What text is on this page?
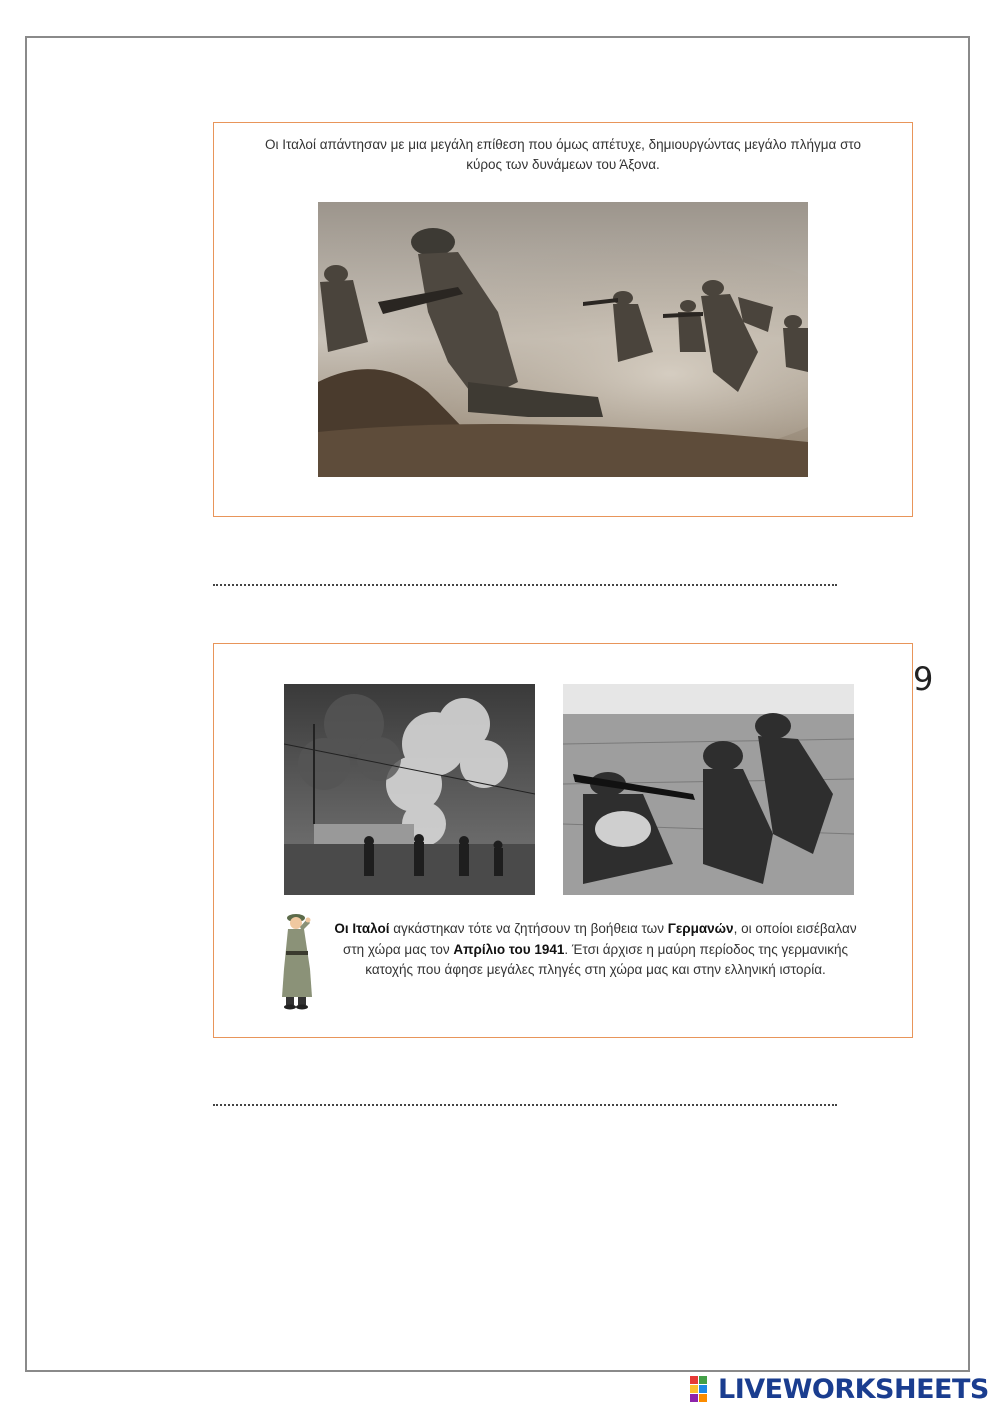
Οι Ιταλοί απάντησαν με μια μεγάλη επίθεση που όμως απέτυχε, δημιουργώντας μεγάλο πλήγμα στο κύρος των δυνάμεων του Άξονα.
Οι Ιταλοί αγκάστηκαν τότε να ζητήσουν τη βοήθεια των Γερμανών, οι οποίοι εισέβαλαν στη χώρα μας τον Απρίλιο του 1941. Έτσι άρχισε η μαύρη περίοδος της γερμανικής κατοχής που άφησε μεγάλες πληγές στη χώρα μας και στην ελληνική ιστορία.
9
LIVEWORKSHEETS
